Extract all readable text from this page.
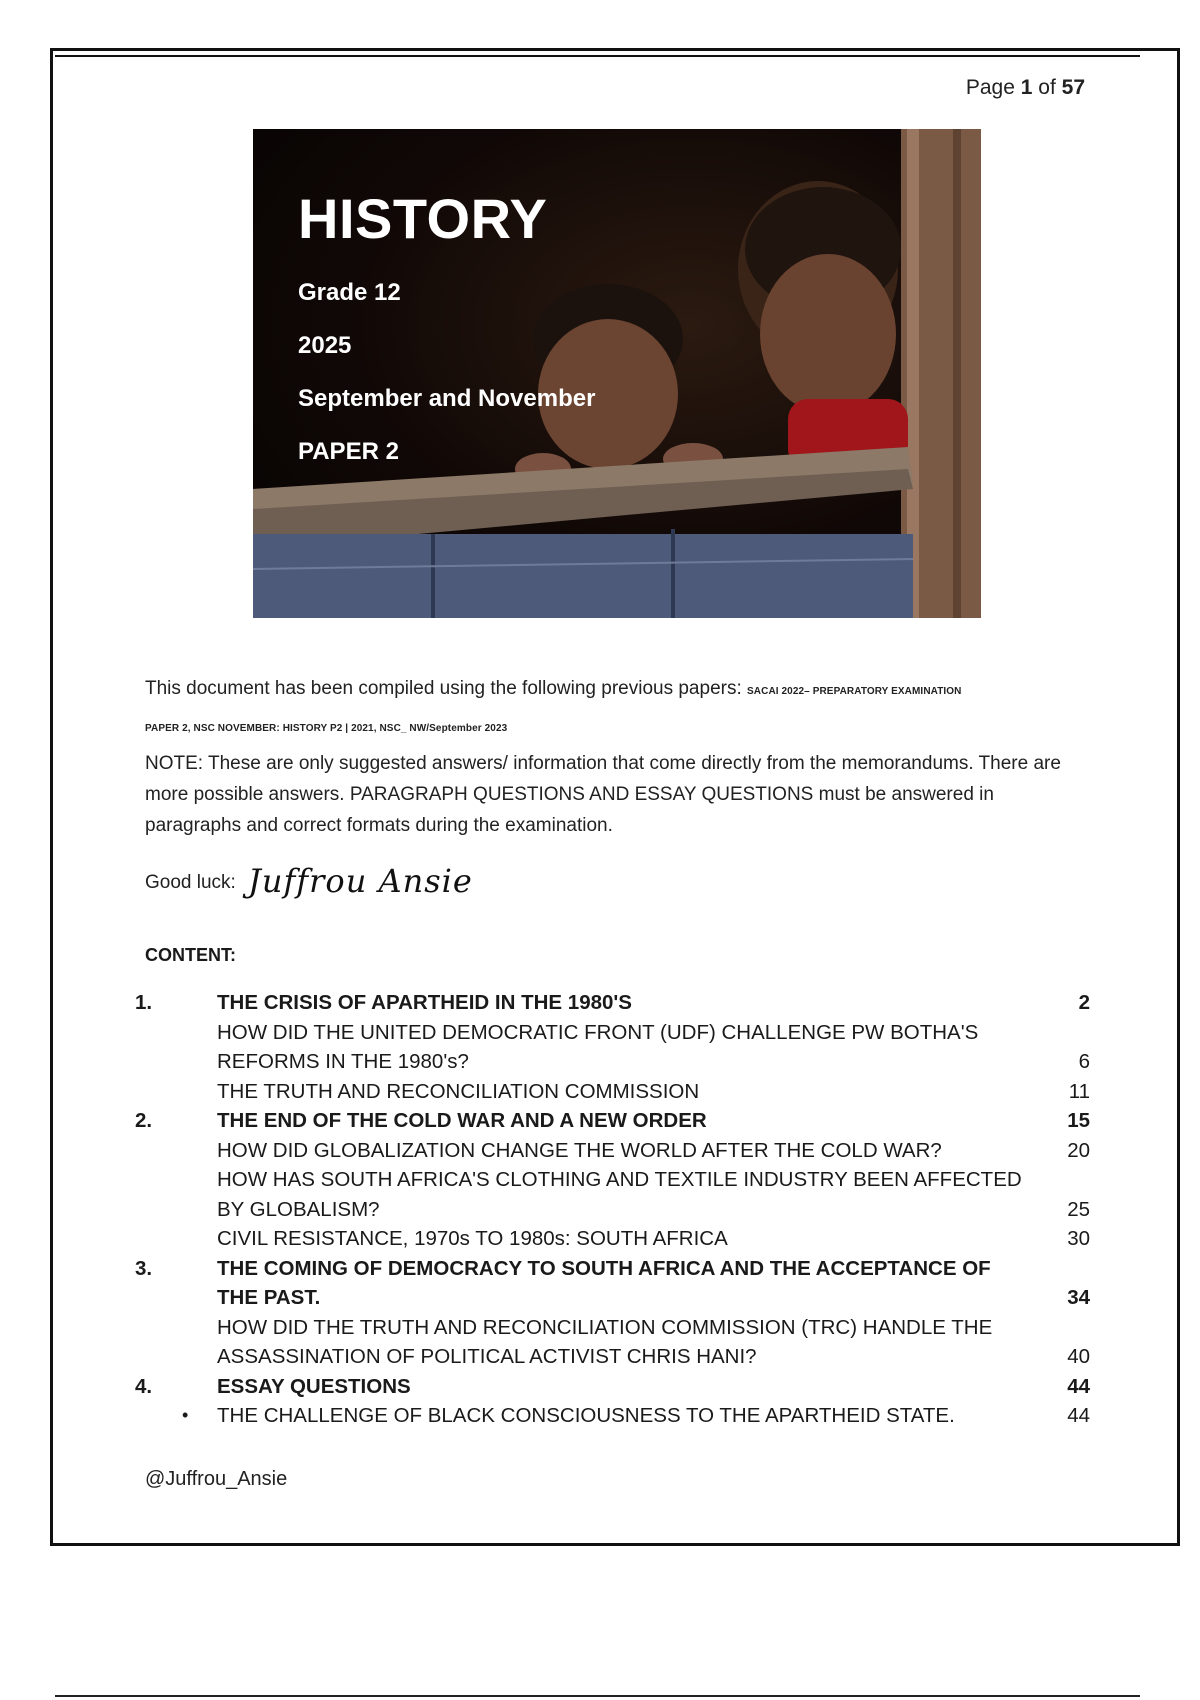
Page 1 of 57
HISTORY
Grade 12
2025
September and November
PAPER 2
This document has been compiled using the following previous papers: SACAI 2022– PREPARATORY EXAMINATION
PAPER 2, NSC NOVEMBER: HISTORY P2 | 2021, NSC_ NW/September 2023
NOTE: These are only suggested answers/ information that come directly from the memorandums. There are more possible answers. PARAGRAPH QUESTIONS AND ESSAY QUESTIONS must be answered in paragraphs and correct formats during the examination.
Good luck: Juffrou Ansie
CONTENT:
1.	THE CRISIS OF APARTHEID IN THE 1980'S	2
HOW DID THE UNITED DEMOCRATIC FRONT (UDF) CHALLENGE PW BOTHA'S
REFORMS IN THE 1980's?	6
THE TRUTH AND RECONCILIATION COMMISSION	11
2.	THE END OF THE COLD WAR AND A NEW ORDER	15
HOW DID GLOBALIZATION CHANGE THE WORLD AFTER THE COLD WAR?	20
HOW HAS SOUTH AFRICA'S CLOTHING AND TEXTILE INDUSTRY BEEN AFFECTED
BY GLOBALISM?	25
CIVIL RESISTANCE, 1970s TO 1980s: SOUTH AFRICA	30
3.	THE COMING OF DEMOCRACY TO SOUTH AFRICA AND THE ACCEPTANCE OF
THE PAST.	34
HOW DID THE TRUTH AND RECONCILIATION COMMISSION (TRC) HANDLE THE
ASSASSINATION OF POLITICAL ACTIVIST CHRIS HANI?	40
4.	ESSAY QUESTIONS	44
• THE CHALLENGE OF BLACK CONSCIOUSNESS TO THE APARTHEID STATE.	44
@Juffrou_Ansie
